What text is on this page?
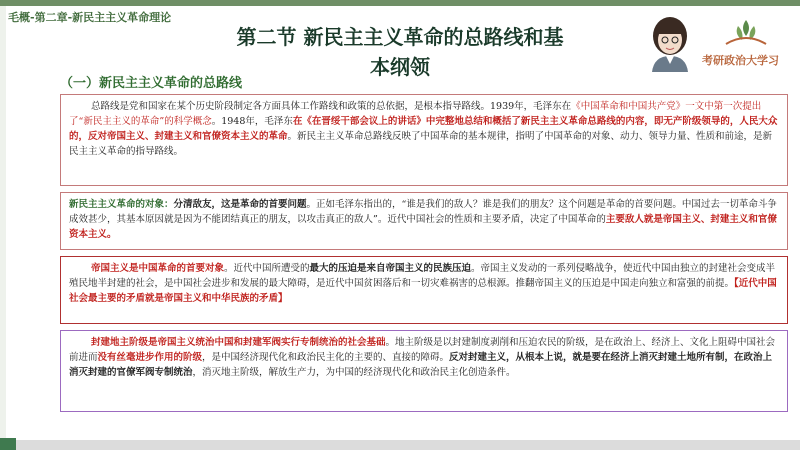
毛概-第二章-新民主主义革命理论
第二节 新民主主义革命的总路线和基
本纲领	考研政治大学习
（一）新民主主义革命的总路线
总路线是党和国家在某个历史阶段制定各方面具体工作路线和政策的总依据，是根本指导路线。1939年，毛泽东在《中国革命和中国共产党》一文中第一次提出了“新民主主义的革命”的科学概念。1948年，毛泽东在《在晋绥干部会议上的讲话》中完整地总结和概括了新民主主义革命总路线的内容，即无产阶级领导的，人民大众的，反对帝国主义、封建主义和官僚资本主义的革命。新民主主义革命总路线反映了中国革命的基本规律，指明了中国革命的对象、动力、领导力量、性质和前途，是新民主主义革命的指导路线。
新民主主义革命的对象：分清敌友，这是革命的首要问题。正如毛泽东指出的，“谁是我们的敌人？谁是我们的朋友？这个问题是革命的首要问题。中国过去一切革命斗争成效甚少，其基本原因就是因为不能团结真正的朋友，以攻击真正的敌人”。近代中国社会的性质和主要矛盾，决定了中国革命的主要敌人就是帝国主义、封建主义和官僚资本主义。
帝国主义是中国革命的首要对象。近代中国所遭受的最大的压迫是来自帝国主义的民族压迫。帝国主义发动的一系列侵略战争，使近代中国由独立的封建社会变成半殖民地半封建的社会，是中国社会进步和发展的最大障碍，是近代中国贫困落后和一切灾难祸害的总根源。推翻帝国主义的压迫是中国走向独立和富强的前提。【近代中国社会最主要的矛盾就是帝国主义和中华民族的矛盾】
封建地主阶级是帝国主义统治中国和封建军阀实行专制统治的社会基础。地主阶级是以封建制度剥削和压迫农民的阶级，是在政治上、经济上、文化上阻碍中国社会前进而没有丝毫进步作用的阶级，是中国经济现代化和政治民主化的主要的、直接的障碍。反对封建主义，从根本上说，就是要在经济上消灭封建土地所有制，在政治上消灭封建的官僚军阀专制统治，消灭地主阶级，解放生产力，为中国的经济现代化和政治民主化创造条件。
